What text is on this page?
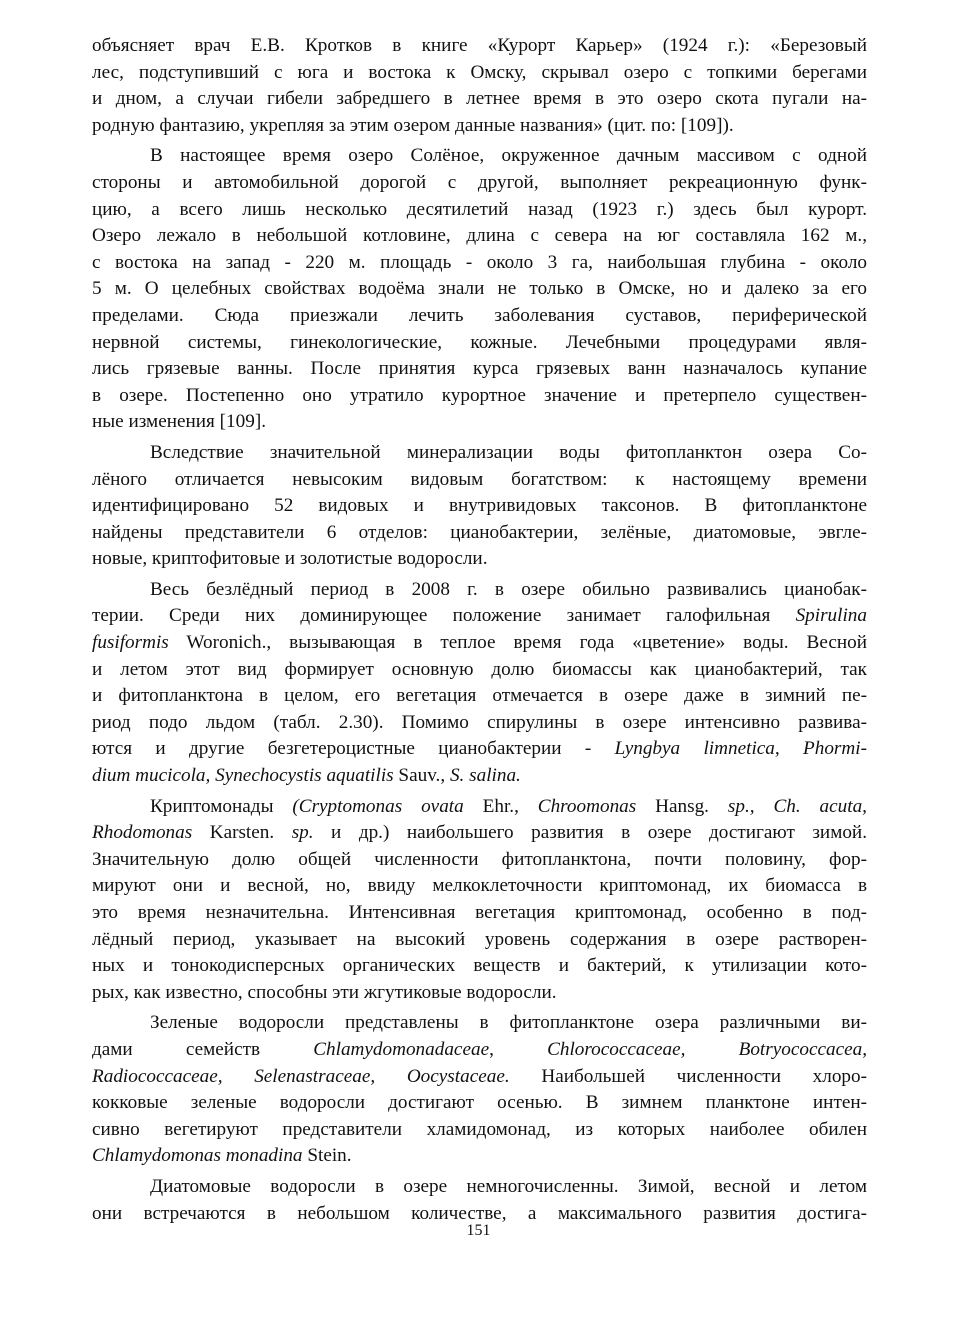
объясняет врач Е.В. Кротков в книге «Курорт Карьер» (1924 г.): «Березовый
лес, подступивший с юга и востока к Омску, скрывал озеро с топкими берегами
и дном, а случаи гибели забредшего в летнее время в это озеро скота пугали на-
родную фантазию, укрепляя за этим озером данные названия» (цит. по: [109]).
В настоящее время озеро Солёное, окруженное дачным массивом с одной
стороны и автомобильной дорогой с другой, выполняет рекреационную функ-
цию, а всего лишь несколько десятилетий назад (1923 г.) здесь был курорт.
Озеро лежало в небольшой котловине, длина с севера на юг составляла 162 м.,
с востока на запад - 220 м. площадь - около 3 га, наибольшая глубина - около
5 м. О целебных свойствах водоёма знали не только в Омске, но и далеко за его
пределами. Сюда приезжали лечить заболевания суставов, периферической
нервной системы, гинекологические, кожные. Лечебными процедурами явля-
лись грязевые ванны. После принятия курса грязевых ванн назначалось купание
в озере. Постепенно оно утратило курортное значение и претерпело существен-
ные изменения [109].
Вследствие значительной минерализации воды фитопланктон озера Со-
лёного отличается невысоким видовым богатством: к настоящему времени
идентифицировано 52 видовых и внутривидовых таксонов. В фитопланктоне
найдены представители 6 отделов: цианобактерии, зелёные, диатомовые, эвгле-
новые, криптофитовые и золотистые водоросли.
Весь безлёдный период в 2008 г. в озере обильно развивались цианобак-
терии. Среди них доминирующее положение занимает галофильная Spirulina
fusiformis Woronich., вызывающая в теплое время года «цветение» воды. Весной
и летом этот вид формирует основную долю биомассы как цианобактерий, так
и фитопланктона в целом, его вегетация отмечается в озере даже в зимний пе-
риод подо льдом (табл. 2.30). Помимо спирулины в озере интенсивно развива-
ются и другие безгетероцистные цианобактерии - Lyngbya limnetica, Phormi-
dium mucicola, Synechocystis aquatilis Sauv., S. salina.
Криптомонады (Cryptomonas ovata Ehr., Chroomonas Hansg. sp., Ch. acuta,
Rhodomonas Karsten. sp. и др.) наибольшего развития в озере достигают зимой.
Значительную долю общей численности фитопланктона, почти половину, фор-
мируют они и весной, но, ввиду мелкоклеточности криптомонад, их биомасса в
это время незначительна. Интенсивная вегетация криптомонад, особенно в под-
лёдный период, указывает на высокий уровень содержания в озере растворен-
ных и тонокодисперсных органических веществ и бактерий, к утилизации кото-
рых, как известно, способны эти жгутиковые водоросли.
Зеленые водоросли представлены в фитопланктоне озера различными ви-
дами семейств Chlamydomonadaceae, Chlorococcaceae, Botryococcacea,
Radiococcaceae, Selenastraceae, Oocystaceae. Наибольшей численности хлоро-
кокковые зеленые водоросли достигают осенью. В зимнем планктоне интен-
сивно вегетируют представители хламидомонад, из которых наиболее обилен
Chlamydomonas monadina Stein.
Диатомовые водоросли в озере немногочисленны. Зимой, весной и летом
они встречаются в небольшом количестве, а максимального развития достига-
151
